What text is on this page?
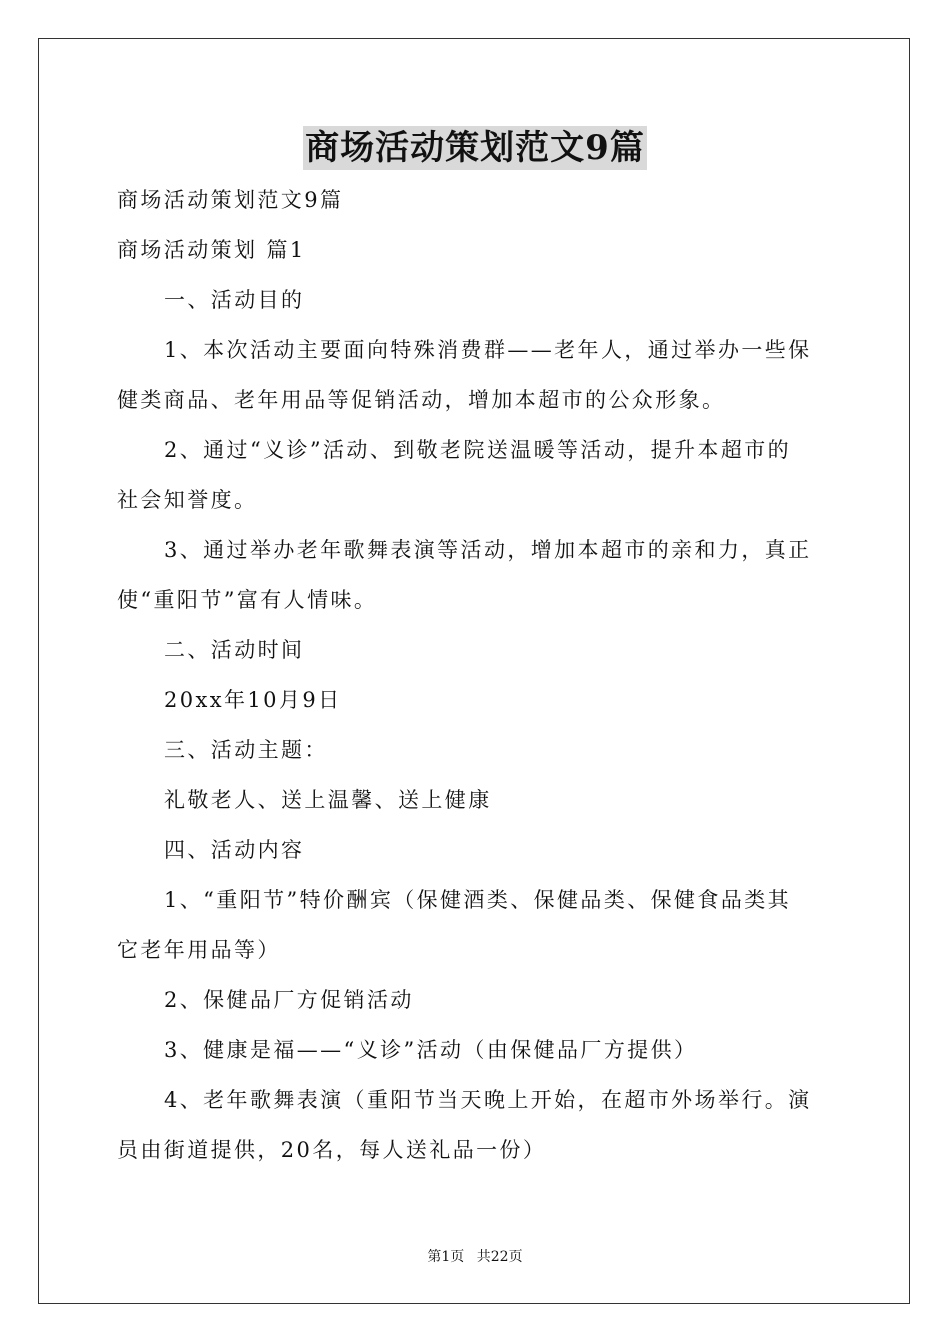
商场活动策划范文9篇

商场活动策划范文9篇

商场活动策划 篇1

一、活动目的

1、本次活动主要面向特殊消费群——老年人，通过举办一些保

健类商品、老年用品等促销活动，增加本超市的公众形象。

2、通过“义诊”活动、到敬老院送温暖等活动，提升本超市的

社会知誉度。

3、通过举办老年歌舞表演等活动，增加本超市的亲和力，真正

使“重阳节”富有人情味。

二、活动时间

20xx年10月9日

三、活动主题：

礼敬老人、送上温馨、送上健康

四、活动内容

1、“重阳节”特价酬宾（保健酒类、保健品类、保健食品类其

它老年用品等）

2、保健品厂方促销活动

3、健康是福——“义诊”活动（由保健品厂方提供）

4、老年歌舞表演（重阳节当天晚上开始，在超市外场举行。演

员由街道提供，20名，每人送礼品一份）

第1页 共22页
